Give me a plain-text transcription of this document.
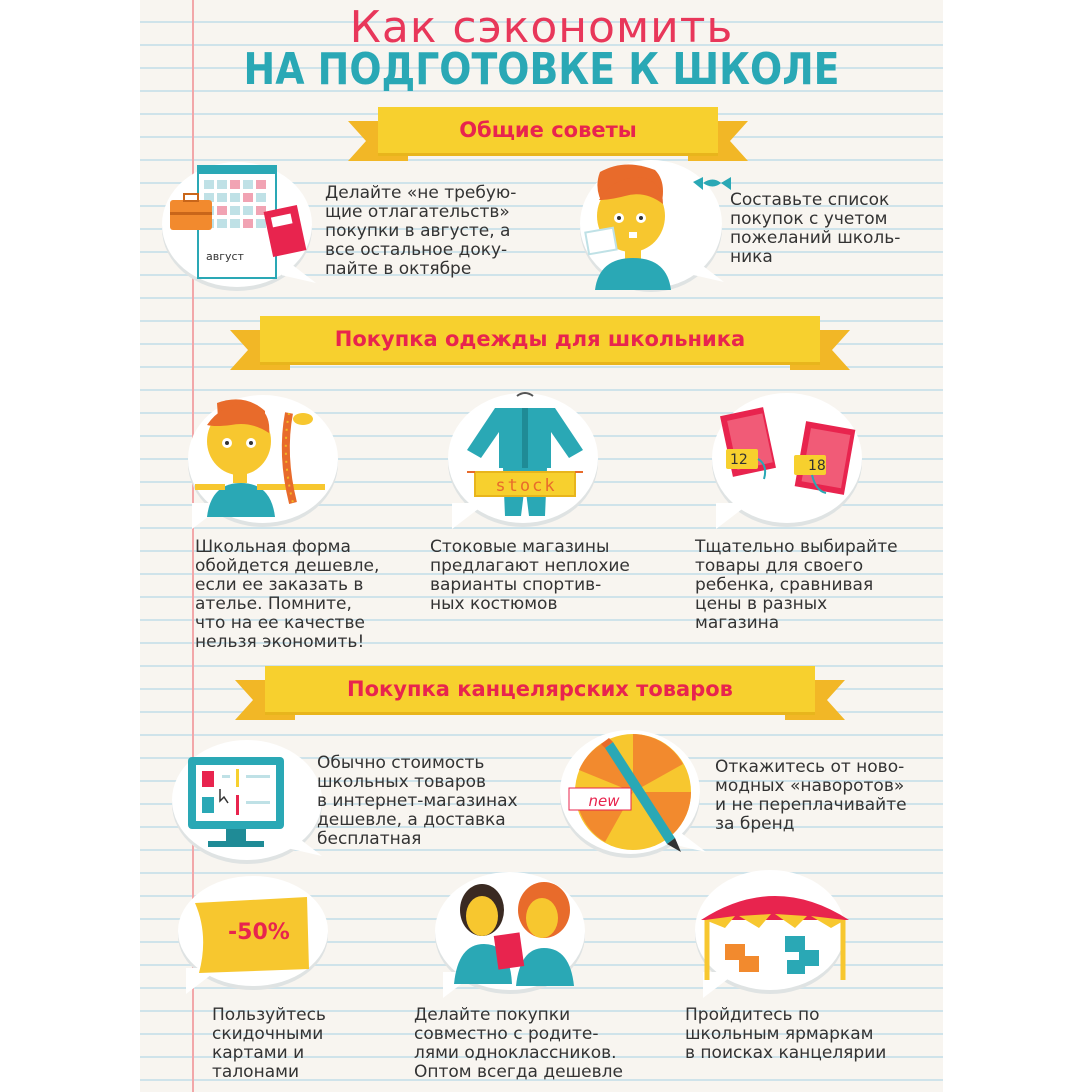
Как сэкономить
НА ПОДГОТОВКЕ К ШКОЛЕ
Общие советы
август
Делайте «не требую-
щие отлагательств»
покупки в августе, а
все остальное доку-
пайте в октябре
Составьте список
покупок с учетом
пожеланий школь-
ника
Покупка одежды для школьника
Школьная форма
обойдется дешевле,
если ее заказать в
ателье. Помните,
что на ее качестве
нельзя экономить!
stock
Стоковые магазины
предлагают неплохие
варианты спортив-
ных костюмов
12	18
Тщательно выбирайте
товары для своего
ребенка, сравнивая
цены в разных
магазина
Покупка канцелярских товаров
Обычно стоимость
школьных товаров
в интернет-магазинах
дешевле, а доставка
бесплатная
new
Откажитесь от ново-
модных «наворотов»
и не переплачивайте
за бренд
-50%
Пользуйтесь
скидочными
картами и
талонами
Делайте покупки
совместно с родите-
лями одноклассников.
Оптом всегда дешевле
Пройдитесь по
школьным ярмаркам
в поисках канцелярии
